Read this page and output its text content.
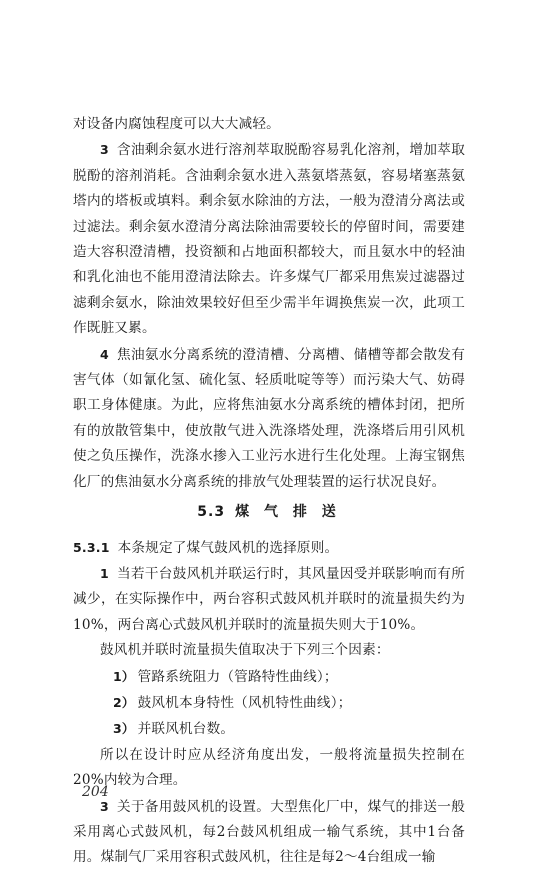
对设备内腐蚀程度可以大大减轻。

3 含油剩余氨水进行溶剂萃取脱酚容易乳化溶剂，增加萃取脱酚的溶剂消耗。含油剩余氨水进入蒸氨塔蒸氨，容易堵塞蒸氨塔内的塔板或填料。剩余氨水除油的方法，一般为澄清分离法或过滤法。剩余氨水澄清分离法除油需要较长的停留时间，需要建造大容积澄清槽，投资额和占地面积都较大，而且氨水中的轻油和乳化油也不能用澄清法除去。许多煤气厂都采用焦炭过滤器过滤剩余氨水，除油效果较好但至少需半年调换焦炭一次，此项工作既脏又累。

4 焦油氨水分离系统的澄清槽、分离槽、储槽等都会散发有害气体（如氰化氢、硫化氢、轻质吡啶等等）而污染大气、妨碍职工身体健康。为此，应将焦油氨水分离系统的槽体封闭，把所有的放散管集中，使放散气进入洗涤塔处理，洗涤塔后用引风机使之负压操作，洗涤水掺入工业污水进行生化处理。上海宝钢焦化厂的焦油氨水分离系统的排放气处理装置的运行状况良好。

5.3 煤 气 排 送

5.3.1 本条规定了煤气鼓风机的选择原则。

1 当若干台鼓风机并联运行时，其风量因受并联影响而有所减少，在实际操作中，两台容积式鼓风机并联时的流量损失约为10%，两台离心式鼓风机并联时的流量损失则大于10%。

鼓风机并联时流量损失值取决于下列三个因素：

1） 管路系统阻力（管路特性曲线）；

2） 鼓风机本身特性（风机特性曲线）；

3） 并联风机台数。

所以在设计时应从经济角度出发，一般将流量损失控制在20%内较为合理。

3 关于备用鼓风机的设置。大型焦化厂中，煤气的排送一般采用离心式鼓风机，每2台鼓风机组成一输气系统，其中1台备用。煤制气厂采用容积式鼓风机，往往是每2～4台组成一输

204
